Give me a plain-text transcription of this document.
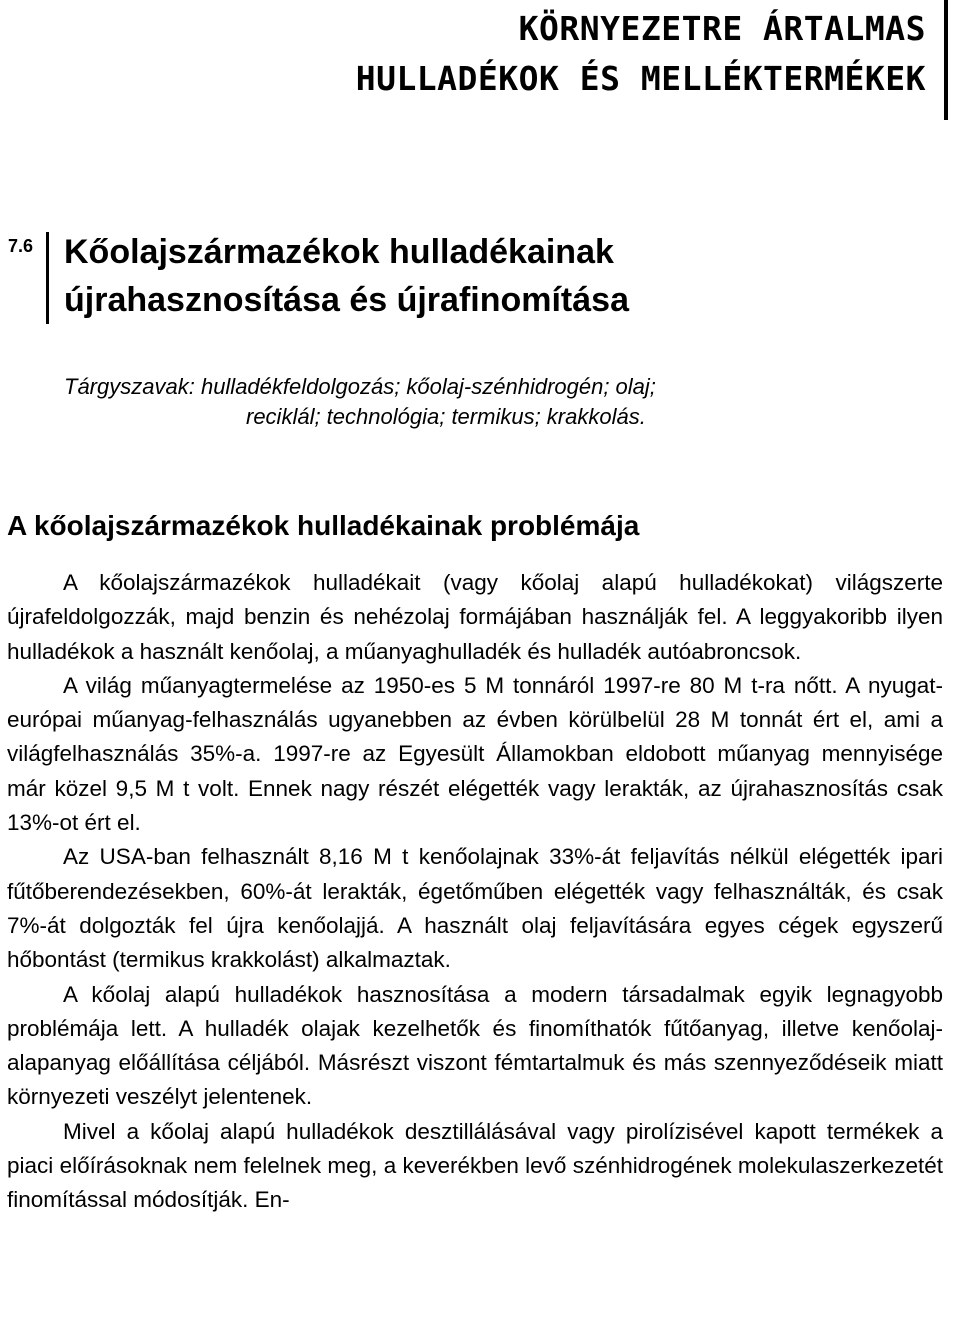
KÖRNYEZETRE ÁRTALMAS
HULLADÉKOK ÉS MELLÉKTERMÉKEK
7.6 Kőolajszármazékok hulladékainak
újrahasznosítása és újrafinomítása
Tárgyszavak: hulladékfeldolgozás; kőolaj-szénhidrogén; olaj;
reciklál; technológia; termikus; krakkolás.
A kőolajszármazékok hulladékainak problémája

A kőolajszármazékok hulladékait (vagy kőolaj alapú hulladékokat) világszerte újrafeldolgozzák, majd benzin és nehézolaj formájában használják fel. A leggyakoribb ilyen hulladékok a használt kenőolaj, a műanyaghulladék és hulladék autóabroncsok.

A világ műanyagtermelése az 1950-es 5 M tonnáról 1997-re 80 M t-ra nőtt. A nyugat-európai műanyag-felhasználás ugyanebben az évben körülbelül 28 M tonnát ért el, ami a világfelhasználás 35%-a. 1997-re az Egyesült Államokban eldobott műanyag mennyisége már közel 9,5 M t volt. Ennek nagy részét elégették vagy lerakták, az újrahasznosítás csak 13%-ot ért el.

Az USA-ban felhasznált 8,16 M t kenőolajnak 33%-át feljavítás nélkül elégették ipari fűtőberendezésekben, 60%-át lerakták, égetőműben elégették vagy felhasználták, és csak 7%-át dolgozták fel újra kenőolajjá. A használt olaj feljavítására egyes cégek egyszerű hőbontást (termikus krakkolást) alkalmaztak.

A kőolaj alapú hulladékok hasznosítása a modern társadalmak egyik legnagyobb problémája lett. A hulladék olajak kezelhetők és finomíthatók fűtőanyag, illetve kenőolaj-alapanyag előállítása céljából. Másrészt viszont fémtartalmuk és más szennyeződéseik miatt környezeti veszélyt jelentenek.

Mivel a kőolaj alapú hulladékok desztillálásával vagy pirolízisével kapott termékek a piaci előírásoknak nem felelnek meg, a keverékben levő szénhidrogének molekulaszerkezetét finomítással módosítják. En-
